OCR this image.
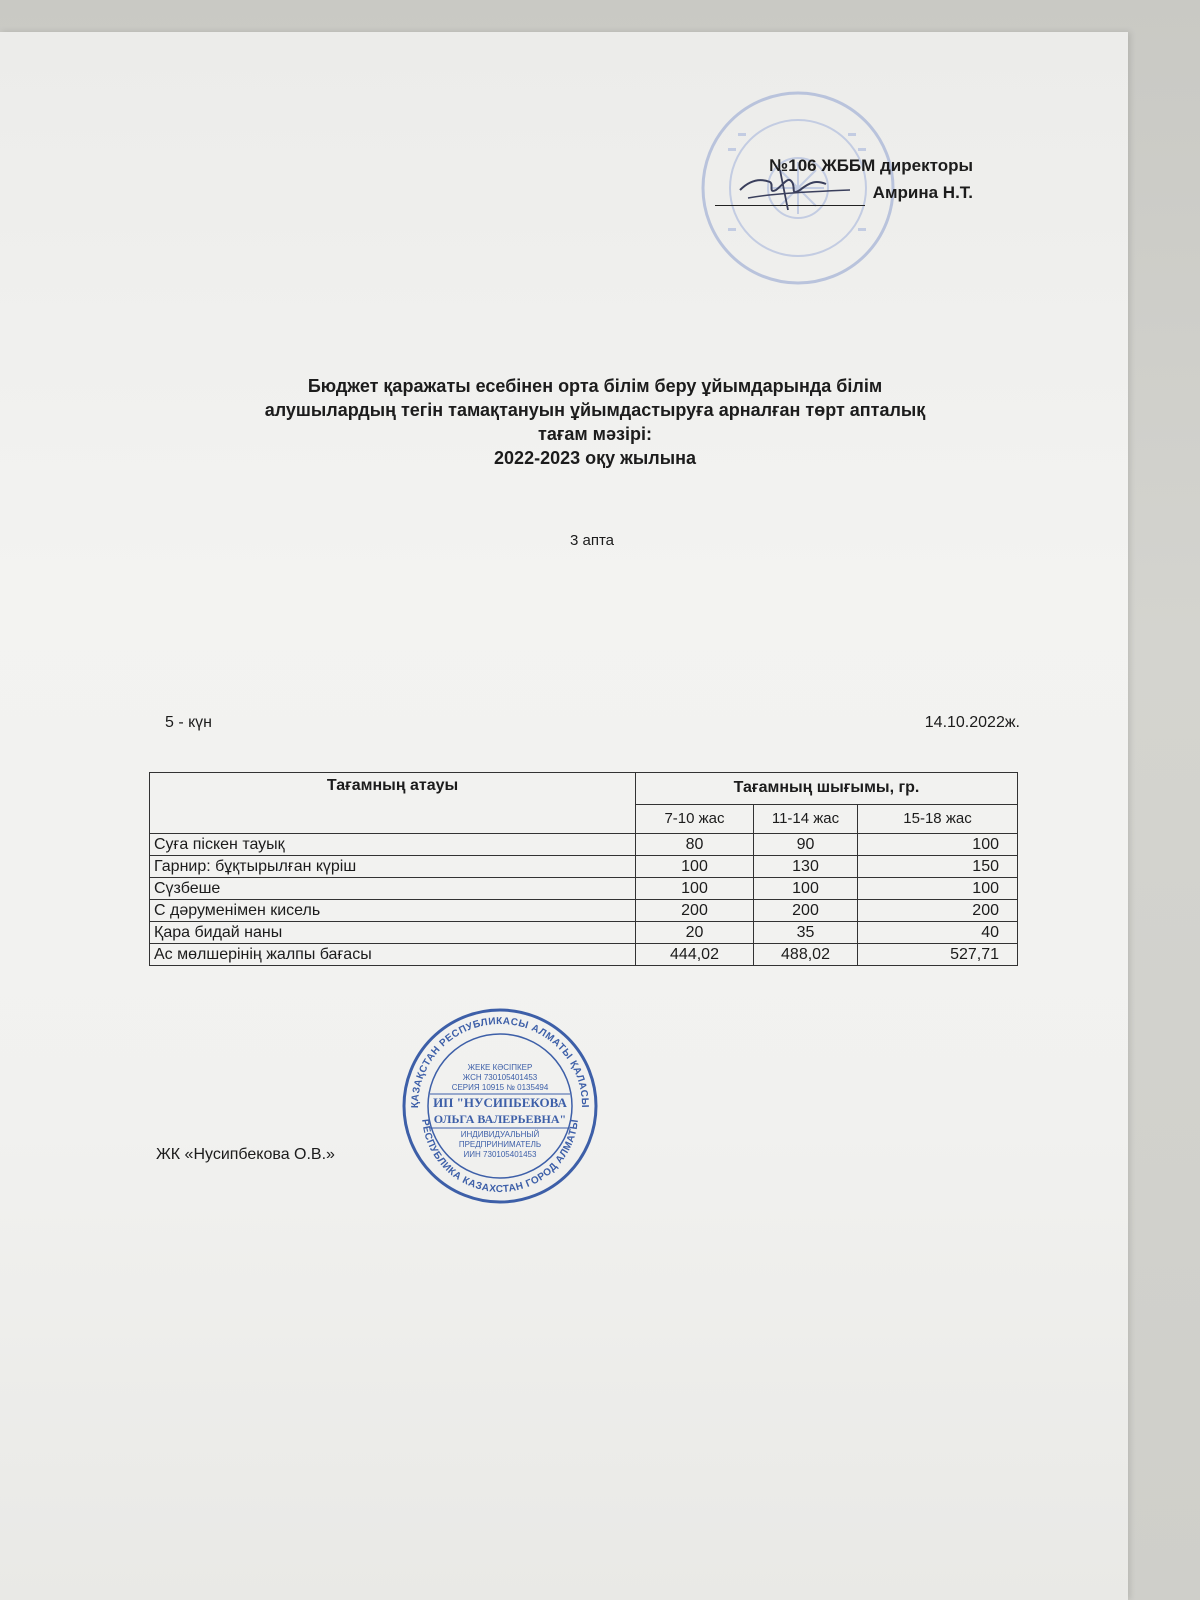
№106 ЖББМ директоры
Амрина Н.Т.
Бюджет қаражаты есебінен орта білім беру ұйымдарында білім
алушылардың тегін тамақтануын ұйымдастыруға арналған төрт апталық
тағам мәзірі:
2022-2023 оқу жылына
3 апта
5 - күн	14.10.2022ж.
Тағамның атауы	Тағамның шығымы, гр.		
	7-10 жас	11-14 жас	15-18 жас
Суға піскен тауық	80	90	100
Гарнир: бұқтырылған күріш	100	130	150
Сүзбеше	100	100	100
С дәруменімен кисель	200	200	200
Қара бидай наны	20	35	40
Ас мөлшерінің жалпы бағасы	444,02	488,02	527,71
ЖК «Нусипбекова О.В.»
ҚАЗАҚСТАН РЕСПУБЛИКАСЫ АЛМАТЫ ҚАЛАСЫ
РЕСПУБЛИКА КАЗАХСТАН ГОРОД АЛМАТЫ
ЖЕКЕ КӘСІПКЕР
ЖСН 730105401453
СЕРИЯ 10915 № 0135494
ИП "НУСИПБЕКОВА
ОЛЬГА ВАЛЕРЬЕВНА"
ИНДИВИДУАЛЬНЫЙ
ПРЕДПРИНИМАТЕЛЬ
ИИН 730105401453
